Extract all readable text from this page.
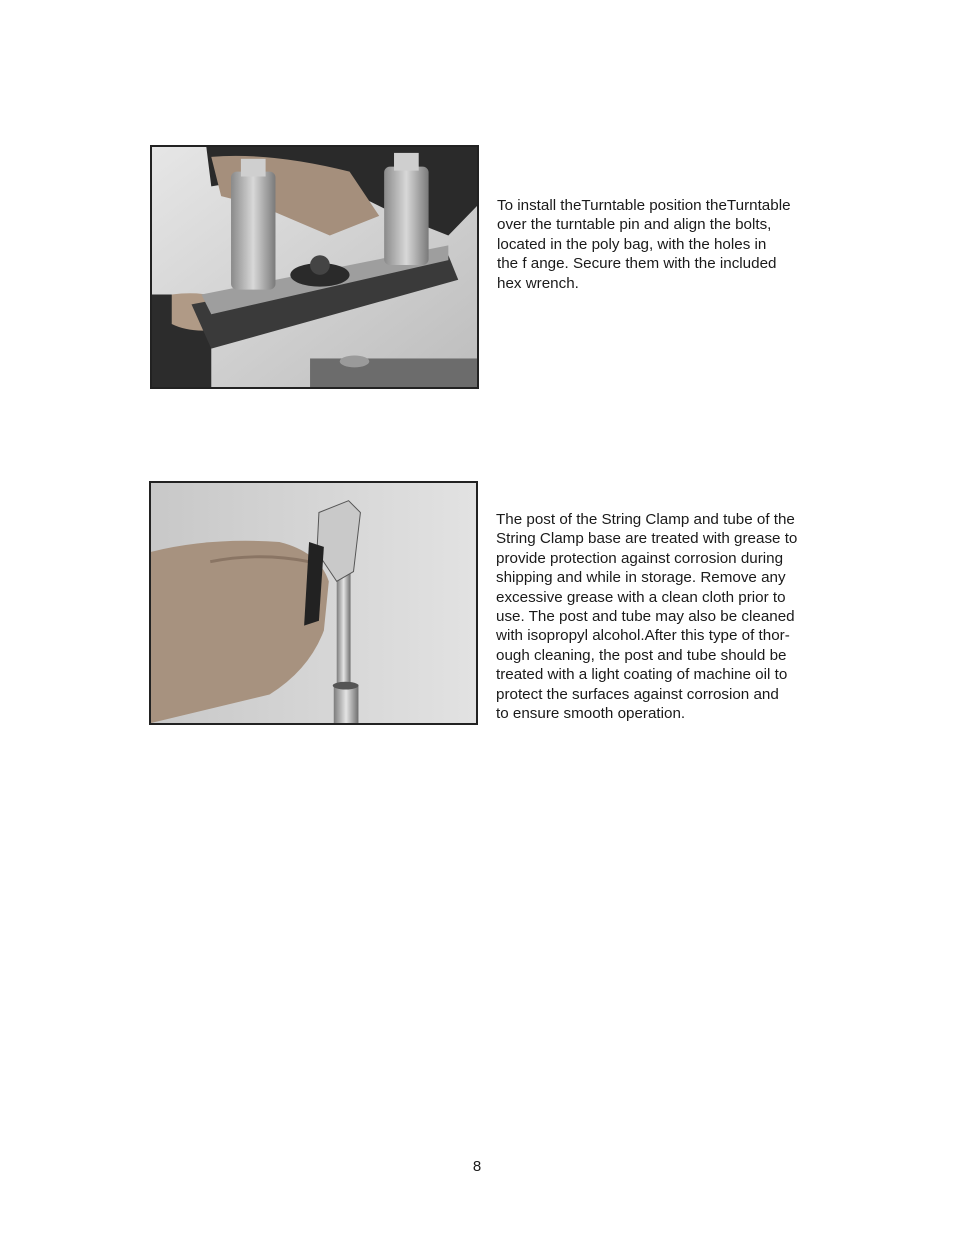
To install theTurntable position theTurntable
over the turntable pin and align the bolts,
located in the poly bag, with the holes in
the f ange. Secure them with the included
hex wrench.

The post of the String Clamp and tube of the
String Clamp base are treated with grease to
provide protection against corrosion during
shipping and while in storage. Remove any
excessive grease with a clean cloth prior to
use. The post and tube may also be cleaned
with isopropyl alcohol.After this type of thor-
ough cleaning, the post and tube should be
treated with a light coating of machine oil to
protect the surfaces against corrosion and
to ensure smooth operation.

8
